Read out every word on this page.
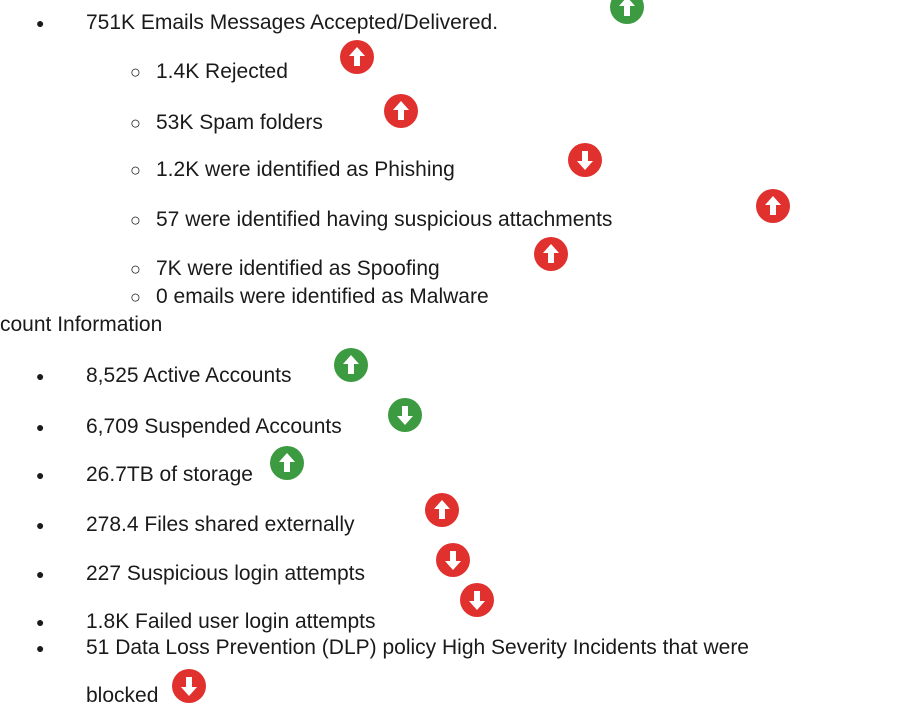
● 751K Emails Messages Accepted/Delivered.
○ 1.4K Rejected
○ 53K Spam folders
○ 1.2K were identified as Phishing
○ 57 were identified having suspicious attachments
○ 7K were identified as Spoofing
○ 0 emails were identified as Malware
count Information
● 8,525 Active Accounts
● 6,709 Suspended Accounts
● 26.7TB of storage
● 278.4 Files shared externally
● 227 Suspicious login attempts
● 1.8K Failed user login attempts
● 51 Data Loss Prevention (DLP) policy High Severity Incidents that were
blocked
